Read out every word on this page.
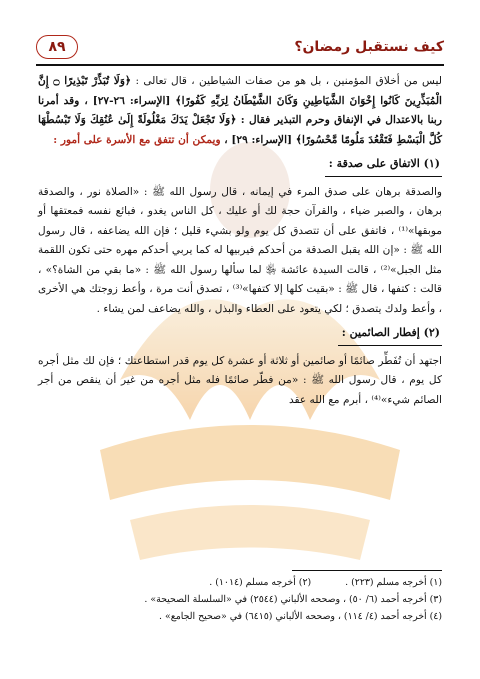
كيف نستقبل رمضان؟
٨٩

ليس من أخلاق المؤمنين ، بل هو من صفات الشياطين ، قال تعالى : ﴿وَلَا تُبَذِّرْ تَبْذِيرًا ۝ إِنَّ الْمُبَذِّرِينَ كَانُوا إِخْوَانَ الشَّيَاطِينِ وَكَانَ الشَّيْطَانُ لِرَبِّهِ كَفُورًا﴾ [الإسراء: ٢٦-٢٧] ، وقد أمرنا ربنا بالاعتدال في الإنفاق وحرم التبذير فقال : ﴿وَلَا تَجْعَلْ يَدَكَ مَغْلُولَةً إِلَىٰ عُنُقِكَ وَلَا تَبْسُطْهَا كُلَّ الْبَسْطِ فَتَقْعُدَ مَلُومًا مَّحْسُورًا﴾ [الإسراء: ٢٩] ، ويمكن أن تتفق مع الأسرة على أمور :

(١) الاتفاق على صدقة :

والصدقة برهان على صدق المرء في إيمانه ، قال رسول الله ﷺ : «الصلاة نور ، والصدقة برهان ، والصبر ضياء ، والقرآن حجة لك أو عليك ، كل الناس يغدو ، فبائع نفسه فمعتقها أو موبقها»⁽¹⁾ ، فاتفق على أن تتصدق كل يوم ولو بشيء قليل ؛ فإن الله يضاعفه ، قال رسول الله ﷺ : «إن الله يقبل الصدقة من أحدكم فيربيها له كما يربي أحدكم مهره حتى تكون اللقمة مثل الجبل»⁽²⁾ ، قالت السيدة عائشة ﵂ لما سألها رسول الله ﷺ : «ما بقي من الشاة؟» ، قالت : كتفها ، قال ﷺ : «بقيت كلها إلا كتفها»⁽³⁾ ، تصدق أنت مرة ، وأعط زوجتك هي الأخرى ، وأعط ولدك يتصدق ؛ لكي يتعود على العطاء والبذل ، والله يضاعف لمن يشاء .

(٢) إفطار الصائمين :

اجتهد أن تُفَطِّر صائمًا أو صائمين أو ثلاثة أو عشرة كل يوم قدر استطاعتك ؛ فإن لك مثل أجره كل يوم ، قال رسول الله ﷺ : «من فطّر صائمًا فله مثل أجره من غير أن ينقص من أجر الصائم شيء»⁽⁴⁾ ، أبرم مع الله عقد

(١) أخرجه مسلم (٢٢٣) .
(٢) أخرجه مسلم (١٠١٤) .
(٣) أخرجه أحمد (٦/ ٥٠) ، وصححه الألباني (٢٥٤٤) في «السلسلة الصحيحة» .
(٤) أخرجه أحمد (٤/ ١١٤) ، وصححه الألباني (٦٤١٥) في «صحيح الجامع» .
